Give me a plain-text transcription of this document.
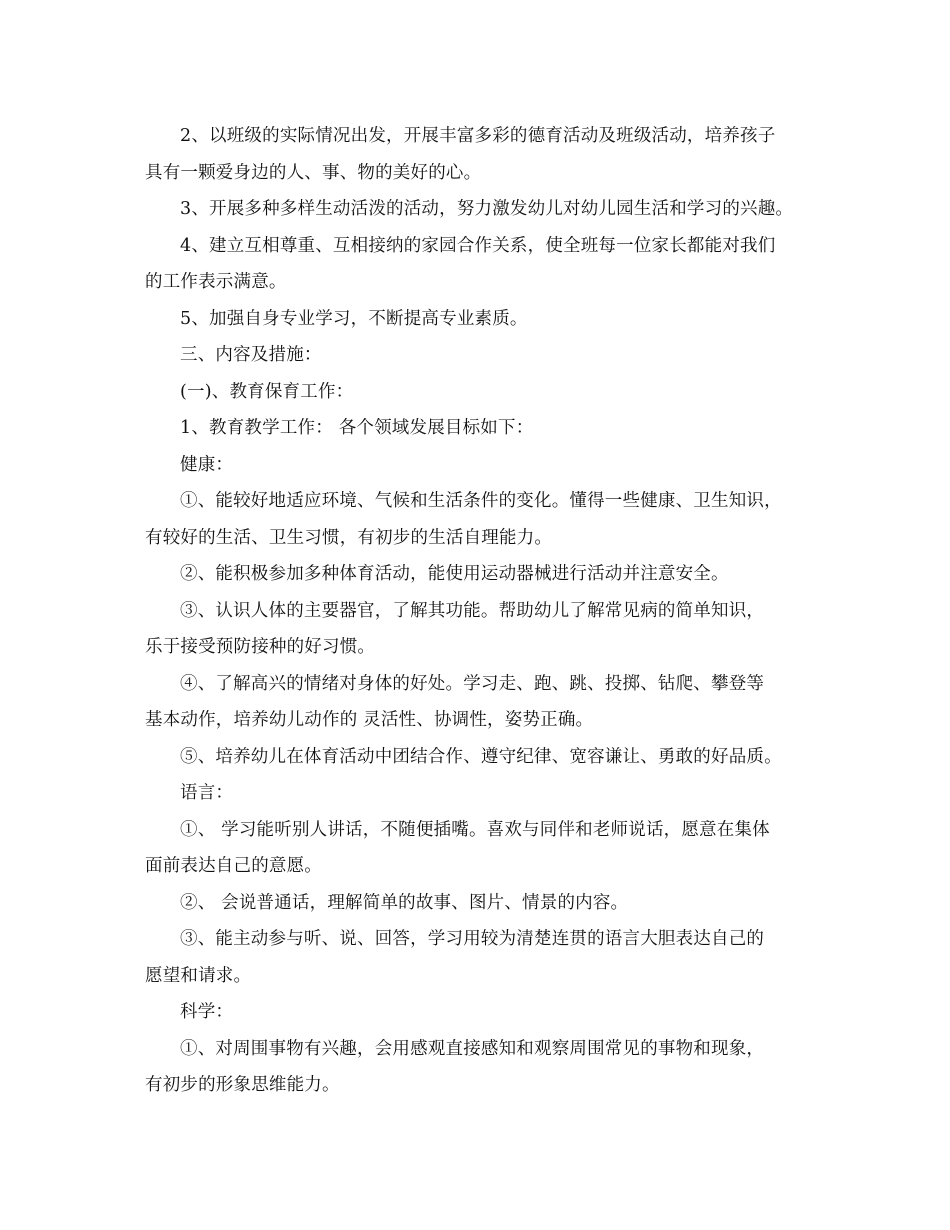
2、以班级的实际情况出发，开展丰富多彩的德育活动及班级活动，培养孩子
具有一颗爱身边的人、事、物的美好的心。
3、开展多种多样生动活泼的活动，努力激发幼儿对幼儿园生活和学习的兴趣。
4、建立互相尊重、互相接纳的家园合作关系，使全班每一位家长都能对我们
的工作表示满意。
5、加强自身专业学习，不断提高专业素质。
三、内容及措施：
(一)、教育保育工作：
1、教育教学工作： 各个领域发展目标如下：
健康：
①、能较好地适应环境、气候和生活条件的变化。懂得一些健康、卫生知识，
有较好的生活、卫生习惯，有初步的生活自理能力。
②、能积极参加多种体育活动，能使用运动器械进行活动并注意安全。
③、认识人体的主要器官，了解其功能。帮助幼儿了解常见病的简单知识，
乐于接受预防接种的好习惯。
④、了解高兴的情绪对身体的好处。学习走、跑、跳、投掷、钻爬、攀登等
基本动作，培养幼儿动作的 灵活性、协调性，姿势正确。
⑤、培养幼儿在体育活动中团结合作、遵守纪律、宽容谦让、勇敢的好品质。
语言：
①、 学习能听别人讲话，不随便插嘴。喜欢与同伴和老师说话，愿意在集体
面前表达自己的意愿。
②、 会说普通话，理解简单的故事、图片、情景的内容。
③、能主动参与听、说、回答，学习用较为清楚连贯的语言大胆表达自己的
愿望和请求。
科学：
①、对周围事物有兴趣，会用感观直接感知和观察周围常见的事物和现象，
有初步的形象思维能力。
